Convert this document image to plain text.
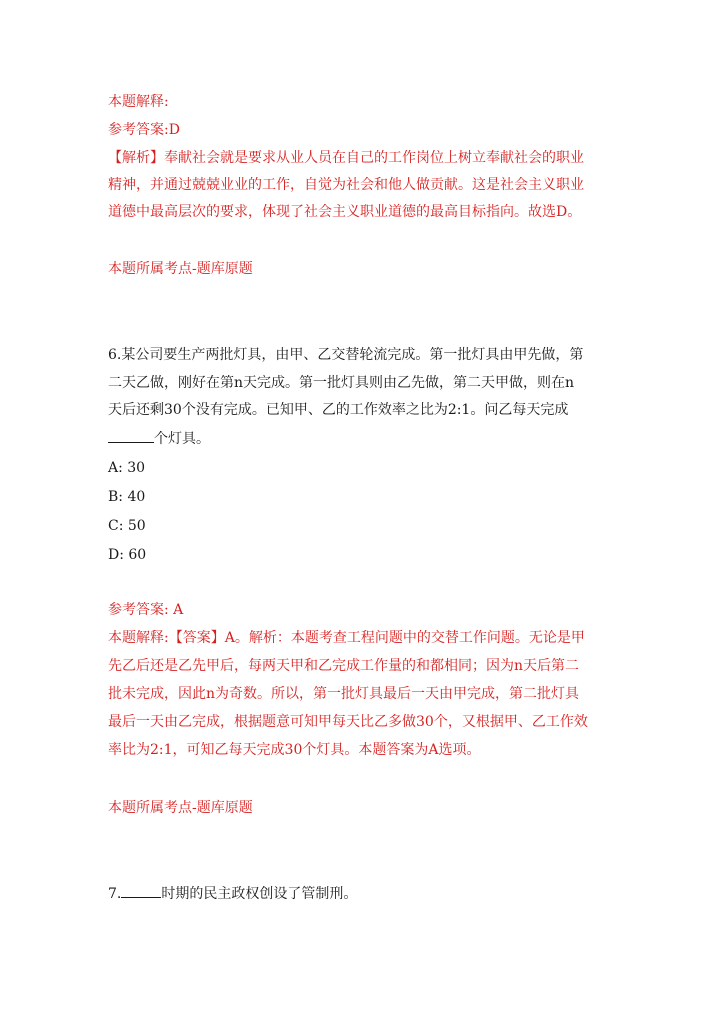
本题解释:
参考答案:D
【解析】奉献社会就是要求从业人员在自己的工作岗位上树立奉献社会的职业
精神，并通过兢兢业业的工作，自觉为社会和他人做贡献。这是社会主义职业
道德中最高层次的要求，体现了社会主义职业道德的最高目标指向。故选D。
本题所属考点-题库原题
6.某公司要生产两批灯具，由甲、乙交替轮流完成。第一批灯具由甲先做，第
二天乙做，刚好在第n天完成。第一批灯具则由乙先做，第二天甲做，则在n
天后还剩30个没有完成。已知甲、乙的工作效率之比为2:1。问乙每天完成
个灯具。
A: 30
B: 40
C: 50
D: 60
参考答案: A
本题解释:【答案】A。解析：本题考查工程问题中的交替工作问题。无论是甲
先乙后还是乙先甲后，每两天甲和乙完成工作量的和都相同；因为n天后第二
批未完成，因此n为奇数。所以，第一批灯具最后一天由甲完成，第二批灯具
最后一天由乙完成，根据题意可知甲每天比乙多做30个，又根据甲、乙工作效
率比为2:1，可知乙每天完成30个灯具。本题答案为A选项。
本题所属考点-题库原题
7.	时期的民主政权创设了管制刑。
